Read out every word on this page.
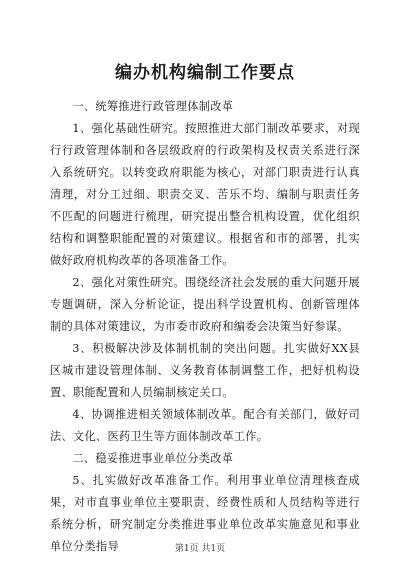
编办机构编制工作要点

一、统筹推进行政管理体制改革

1、强化基础性研究。按照推进大部门制改革要求，对现行行政管理体制和各层级政府的行政架构及权责关系进行深入系统研究。以转变政府职能为核心，对部门职责进行认真清理，对分工过细、职责交叉、苦乐不均、编制与职责任务不匹配的问题进行梳理，研究提出整合机构设置，优化组织结构和调整职能配置的对策建议。根据省和市的部署，扎实做好政府机构改革的各项准备工作。

2、强化对策性研究。围绕经济社会发展的重大问题开展专题调研，深入分析论证，提出科学设置机构、创新管理体制的具体对策建议，为市委市政府和编委会决策当好参谋。

3、积极解决涉及体制机制的突出问题。扎实做好XX县区城市建设管理体制、义务教育体制调整工作，把好机构设置、职能配置和人员编制核定关口。

4、协调推进相关领域体制改革。配合有关部门，做好司法、文化、医药卫生等方面体制改革工作。

二、稳妥推进事业单位分类改革

5、扎实做好改革准备工作。利用事业单位清理核查成果，对市直事业单位主要职责、经费性质和人员结构等进行系统分析，研究制定分类推进事业单位改革实施意见和事业单位分类指导	第1页 共1页
